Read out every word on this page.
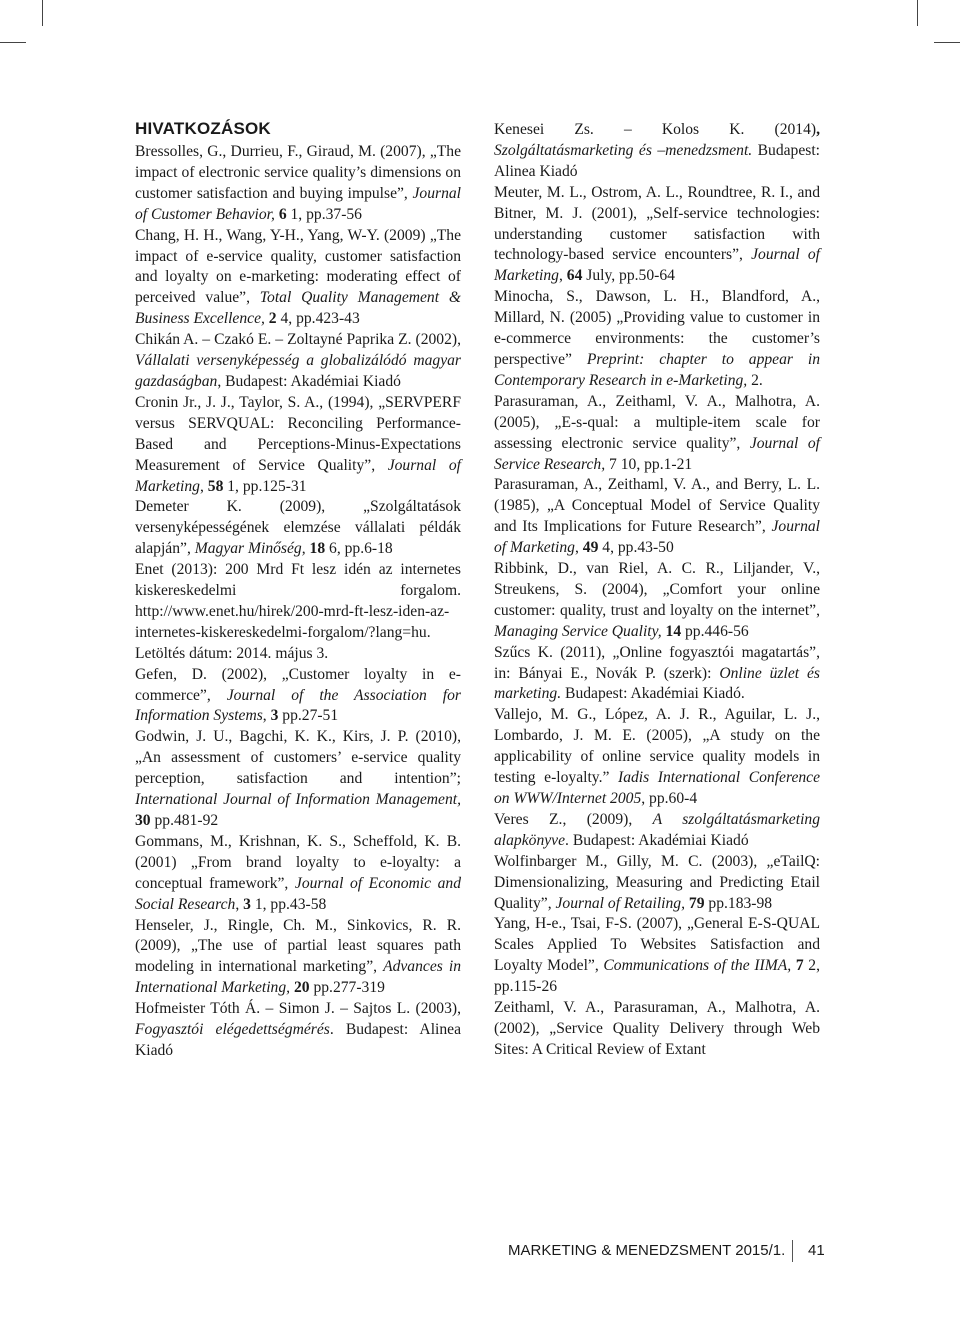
HIVATKOZÁSOK

Bressolles, G., Durrieu, F., Giraud, M. (2007), „The impact of electronic service quality’s dimensions on customer satisfaction and buying impulse”, Journal of Customer Behavior, 6 1, pp.37-56

Chang, H. H., Wang, Y-H., Yang, W-Y. (2009) „The impact of e-service quality, customer satisfaction and loyalty on e-marketing: moderating effect of perceived value”, Total Quality Management & Business Excellence, 2 4, pp.423-43

Chikán A. – Czakó E. – Zoltayné Paprika Z. (2002), Vállalati versenyképesség a globalizálódó magyar gazdaságban, Budapest: Akadémiai Kiadó

Cronin Jr., J. J., Taylor, S. A., (1994), „SERVPERF versus SERVQUAL: Reconciling Performance-Based and Perceptions-Minus-Expectations Measurement of Service Quality”, Journal of Marketing, 58 1, pp.125-31

Demeter K. (2009), „Szolgáltatások versenyképességének elemzése vállalati példák alapján”, Magyar Minőség, 18 6, pp.6-18

Enet (2013): 200 Mrd Ft lesz idén az internetes kiskereskedelmi forgalom. http://www.enet.hu/hirek/200-mrd-ft-lesz-iden-az-internetes-kiskereskedelmi-forgalom/?lang=hu. Letöltés dátum: 2014. május 3.

Gefen, D. (2002), „Customer loyalty in e-commerce”, Journal of the Association for Information Systems, 3 pp.27-51

Godwin, J. U., Bagchi, K. K., Kirs, J. P. (2010), „An assessment of customers’ e-service quality perception, satisfaction and intention”; International Journal of Information Management, 30 pp.481-92

Gommans, M., Krishnan, K. S., Scheffold, K. B. (2001) „From brand loyalty to e-loyalty: a conceptual framework”, Journal of Economic and Social Research, 3 1, pp.43-58

Henseler, J., Ringle, Ch. M., Sinkovics, R. R. (2009), „The use of partial least squares path modeling in international marketing”, Advances in International Marketing, 20 pp.277-319

Hofmeister Tóth Á. – Simon J. – Sajtos L. (2003), Fogyasztói elégedettségmérés. Budapest: Alinea Kiadó

Kenesei Zs. – Kolos K. (2014), Szolgáltatásmarketing és –menedzsment. Budapest: Alinea Kiadó

Meuter, M. L., Ostrom, A. L., Roundtree, R. I., and Bitner, M. J. (2001), „Self-service technologies: understanding customer satisfaction with technology-based service encounters”, Journal of Marketing, 64 July, pp.50-64

Minocha, S., Dawson, L. H., Blandford, A., Millard, N. (2005) „Providing value to customer in e-commerce environments: the customer’s perspective” Preprint: chapter to appear in Contemporary Research in e-Marketing, 2.

Parasuraman, A., Zeithaml, V. A., Malhotra, A. (2005), „E-s-qual: a multiple-item scale for assessing electronic service quality”, Journal of Service Research, 7 10, pp.1-21

Parasuraman, A., Zeithaml, V. A., and Berry, L. L. (1985), „A Conceptual Model of Service Quality and Its Implications for Future Research”, Journal of Marketing, 49 4, pp.43-50

Ribbink, D., van Riel, A. C. R., Liljander, V., Streukens, S. (2004), „Comfort your online customer: quality, trust and loyalty on the internet”, Managing Service Quality, 14 pp.446-56

Szűcs K. (2011), „Online fogyasztói magatartás”, in: Bányai E., Novák P. (szerk): Online üzlet és marketing. Budapest: Akadémiai Kiadó.

Vallejo, M. G., López, A. J. R., Aguilar, L. J., Lombardo, J. M. E. (2005), „A study on the applicability of online service quality models in testing e-loyalty.” Iadis International Conference on WWW/Internet 2005, pp.60-4

Veres Z., (2009), A szolgáltatásmarketing alapkönyve. Budapest: Akadémiai Kiadó

Wolfinbarger M., Gilly, M. C. (2003), „eTailQ: Dimensionalizing, Measuring and Predicting Etail Quality”, Journal of Retailing, 79 pp.183-98

Yang, H-e., Tsai, F-S. (2007), „General E-S-QUAL Scales Applied To Websites Satisfaction and Loyalty Model”, Communications of the IIMA, 7 2, pp.115-26

Zeithaml, V. A., Parasuraman, A., Malhotra, A. (2002), „Service Quality Delivery through Web Sites: A Critical Review of Extant

MARKETING & MENEDZSMENT 2015/1. 41
